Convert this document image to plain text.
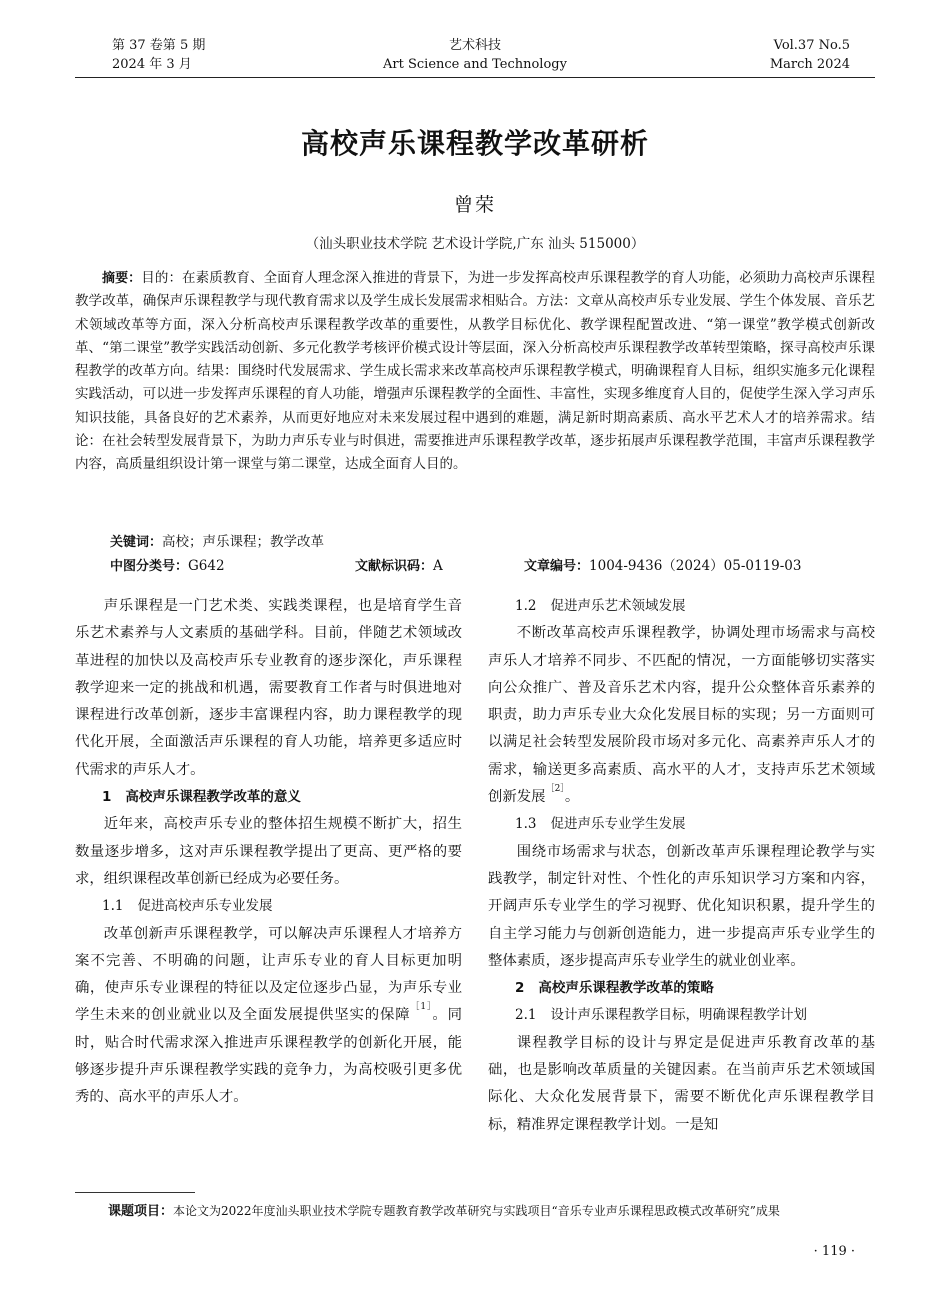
第 37 卷第 5 期
2024 年 3 月
艺术科技
Art Science and Technology
Vol.37 No.5
March 2024
高校声乐课程教学改革研析
曾荣
（汕头职业技术学院 艺术设计学院,广东 汕头 515000）

摘要：目的：在素质教育、全面育人理念深入推进的背景下，为进一步发挥高校声乐课程教学的育人功能，必须助力高校声乐课程教学改革，确保声乐课程教学与现代教育需求以及学生成长发展需求相贴合。方法：文章从高校声乐专业发展、学生个体发展、音乐艺术领域改革等方面，深入分析高校声乐课程教学改革的重要性，从教学目标优化、教学课程配置改进、“第一课堂”教学模式创新改革、“第二课堂”教学实践活动创新、多元化教学考核评价模式设计等层面，深入分析高校声乐课程教学改革转型策略，探寻高校声乐课程教学的改革方向。结果：围绕时代发展需求、学生成长需求来改革高校声乐课程教学模式，明确课程育人目标，组织实施多元化课程实践活动，可以进一步发挥声乐课程的育人功能，增强声乐课程教学的全面性、丰富性，实现多维度育人目的，促使学生深入学习声乐知识技能，具备良好的艺术素养，从而更好地应对未来发展过程中遇到的难题，满足新时期高素质、高水平艺术人才的培养需求。结论：在社会转型发展背景下，为助力声乐专业与时俱进，需要推进声乐课程教学改革，逐步拓展声乐课程教学范围，丰富声乐课程教学内容，高质量组织设计第一课堂与第二课堂，达成全面育人目的。

关键词：高校；声乐课程；教学改革
中图分类号：G642	文献标识码：A	文章编号：1004-9436（2024）05-0119-03

声乐课程是一门艺术类、实践类课程，也是培育学生音乐艺术素养与人文素质的基础学科。目前，伴随艺术领域改革进程的加快以及高校声乐专业教育的逐步深化，声乐课程教学迎来一定的挑战和机遇，需要教育工作者与时俱进地对课程进行改革创新，逐步丰富课程内容，助力课程教学的现代化开展，全面激活声乐课程的育人功能，培养更多适应时代需求的声乐人才。

1 高校声乐课程教学改革的意义

近年来，高校声乐专业的整体招生规模不断扩大，招生数量逐步增多，这对声乐课程教学提出了更高、更严格的要求，组织课程改革创新已经成为必要任务。

1.1 促进高校声乐专业发展

改革创新声乐课程教学，可以解决声乐课程人才培养方案不完善、不明确的问题，让声乐专业的育人目标更加明确，使声乐专业课程的特征以及定位逐步凸显，为声乐专业学生未来的创业就业以及全面发展提供坚实的保障$^{[1]}$。同时，贴合时代需求深入推进声乐课程教学的创新化开展，能够逐步提升声乐课程教学实践的竞争力，为高校吸引更多优秀的、高水平的声乐人才。

1.2 促进声乐艺术领域发展

不断改革高校声乐课程教学，协调处理市场需求与高校声乐人才培养不同步、不匹配的情况，一方面能够切实落实向公众推广、普及音乐艺术内容，提升公众整体音乐素养的职责，助力声乐专业大众化发展目标的实现；另一方面则可以满足社会转型发展阶段市场对多元化、高素养声乐人才的需求，输送更多高素质、高水平的人才，支持声乐艺术领域创新发展$^{[2]}$。

1.3 促进声乐专业学生发展

围绕市场需求与状态，创新改革声乐课程理论教学与实践教学，制定针对性、个性化的声乐知识学习方案和内容，开阔声乐专业学生的学习视野、优化知识积累，提升学生的自主学习能力与创新创造能力，进一步提高声乐专业学生的整体素质，逐步提高声乐专业学生的就业创业率。

2 高校声乐课程教学改革的策略
2.1 设计声乐课程教学目标，明确课程教学计划

课程教学目标的设计与界定是促进声乐教育改革的基础，也是影响改革质量的关键因素。在当前声乐艺术领域国际化、大众化发展背景下，需要不断优化声乐课程教学目标，精准界定课程教学计划。一是知

课题项目：本论文为2022年度汕头职业技术学院专题教育教学改革研究与实践项目“音乐专业声乐课程思政模式改革研究”成果
· 119 ·
